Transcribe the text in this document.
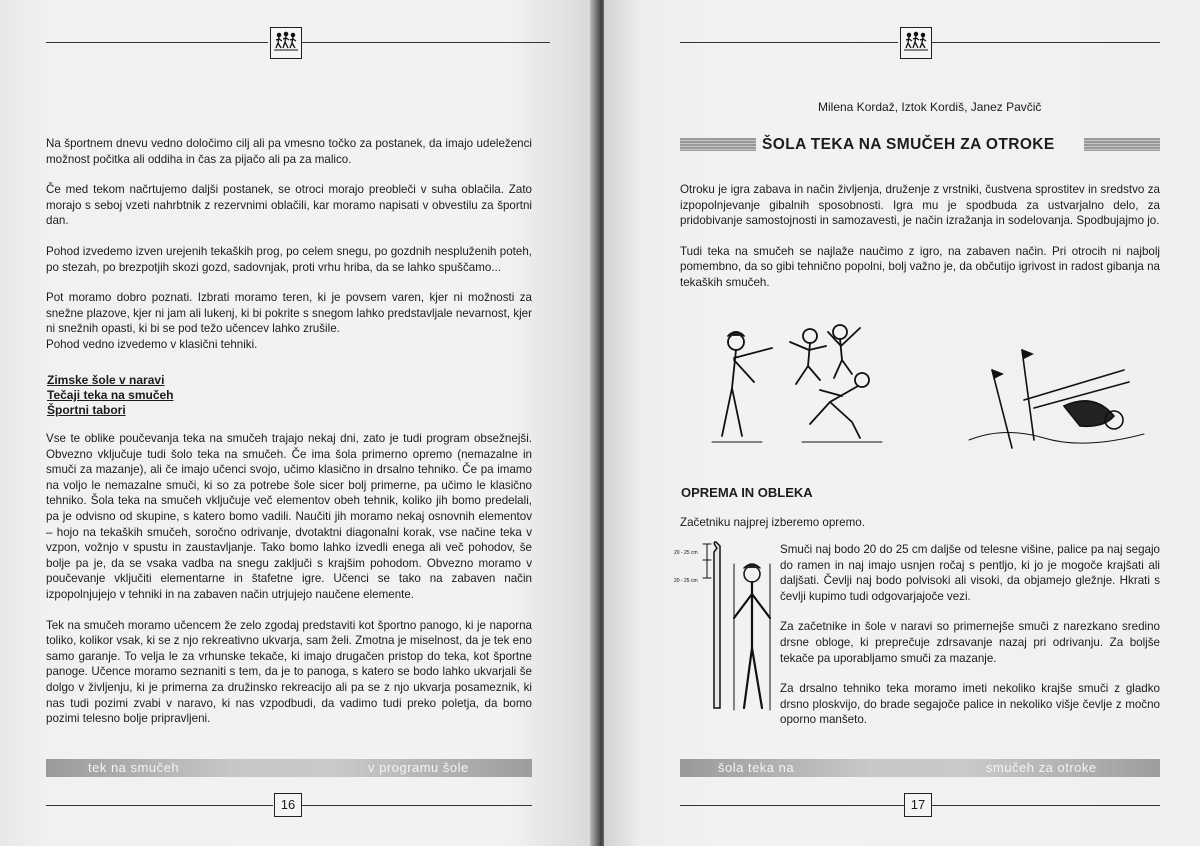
Na športnem dnevu vedno določimo cilj ali pa vmesno točko za postanek, da imajo udeleženci možnost počitka ali oddiha in čas za pijačo ali pa za malico.

Če med tekom načrtujemo daljši postanek, se otroci morajo preobleči v suha oblačila. Zato morajo s seboj vzeti nahrbtnik z rezervnimi oblačili, kar moramo napisati v obvestilu za športni dan.

Pohod izvedemo izven urejenih tekaških prog, po celem snegu, po gozdnih nespluženih poteh, po stezah, po brezpotjih skozi gozd, sadovnjak, proti vrhu hriba, da se lahko spuščamo...

Pot moramo dobro poznati. Izbrati moramo teren, ki je povsem varen, kjer ni možnosti za snežne plazove, kjer ni jam ali lukenj, ki bi pokrite s snegom lahko predstavljale nevarnost, kjer ni snežnih opasti, ki bi se pod težo učencev lahko zrušile.
Pohod vedno izvedemo v klasični tehniki.

Zimske šole v naravi
Tečaji teka na smučeh
Športni tabori

Vse te oblike poučevanja teka na smučeh trajajo nekaj dni, zato je tudi program obsežnejši. Obvezno vključuje tudi šolo teka na smučeh. Če ima šola primerno opremo (nemazalne in smuči za mazanje), ali če imajo učenci svojo, učimo klasično in drsalno tehniko. Če pa imamo na voljo le nemazalne smuči, ki so za potrebe šole sicer bolj primerne, pa učimo le klasično tehniko. Šola teka na smučeh vključuje več elementov obeh tehnik, koliko jih bomo predelali, pa je odvisno od skupine, s katero bomo vadili. Naučiti jih moramo nekaj osnovnih elementov – hojo na tekaških smučeh, soročno odrivanje, dvotaktni diagonalni korak, vse načine teka v vzpon, vožnjo v spustu in zaustavljanje. Tako bomo lahko izvedli enega ali več pohodov, še bolje pa je, da se vsaka vadba na snegu zaključi s krajšim pohodom. Obvezno moramo v poučevanje vključiti elementarne in štafetne igre. Učenci se tako na zabaven način izpopolnjujejo v tehniki in na zabaven način utrjujejo naučene elemente.

Tek na smučeh moramo učencem že zelo zgodaj predstaviti kot športno panogo, ki je naporna toliko, kolikor vsak, ki se z njo rekreativno ukvarja, sam želi. Zmotna je miselnost, da je tek eno samo garanje. To velja le za vrhunske tekače, ki imajo drugačen pristop do teka, kot športne panoge. Učence moramo seznaniti s tem, da je to panoga, s katero se bodo lahko ukvarjali še dolgo v življenju, ki je primerna za družinsko rekreacijo ali pa se z njo ukvarja posameznik, ki nas tudi pozimi zvabi v naravo, ki nas vzpodbudi, da vadimo tudi preko poletja, da bomo pozimi telesno bolje pripravljeni.

tek na smučeh	v programu šole
16
Milena Kordaž, Iztok Kordiš, Janez Pavčič
ŠOLA TEKA NA SMUČEH ZA OTROKE

Otroku je igra zabava in način življenja, druženje z vrstniki, čustvena sprostitev in sredstvo za izpopolnjevanje gibalnih sposobnosti. Igra mu je spodbuda za ustvarjalno delo, za pridobivanje samostojnosti in samozavesti, je način izražanja in sodelovanja. Spodbujajmo jo.

Tudi teka na smučeh se najlaže naučimo z igro, na zabaven način. Pri otrocih ni najbolj pomembno, da so gibi tehnično popolni, bolj važno je, da občutijo igrivost in radost gibanja na tekaških smučeh.

OPREMA IN OBLEKA
Začetniku najprej izberemo opremo.
20 - 25 cm
20 - 25 cm

Smuči naj bodo 20 do 25 cm daljše od telesne višine, palice pa naj segajo do ramen in naj imajo usnjen ročaj s pentljo, ki jo je mogoče krajšati ali daljšati. Čevlji naj bodo polvisoki ali visoki, da objamejo gležnje. Hkrati s čevlji kupimo tudi odgovarjajoče vezi.

Za začetnike in šole v naravi so primernejše smuči z narezkano sredino drsne obloge, ki preprečuje zdrsavanje nazaj pri odrivanju. Za boljše tekače pa uporabljamo smuči za mazanje.

Za drsalno tehniko teka moramo imeti nekoliko krajše smuči z gladko drsno ploskvijo, do brade segajoče palice in nekoliko višje čevlje z močno oporno manšeto.

šola teka na	smučeh za otroke
17
